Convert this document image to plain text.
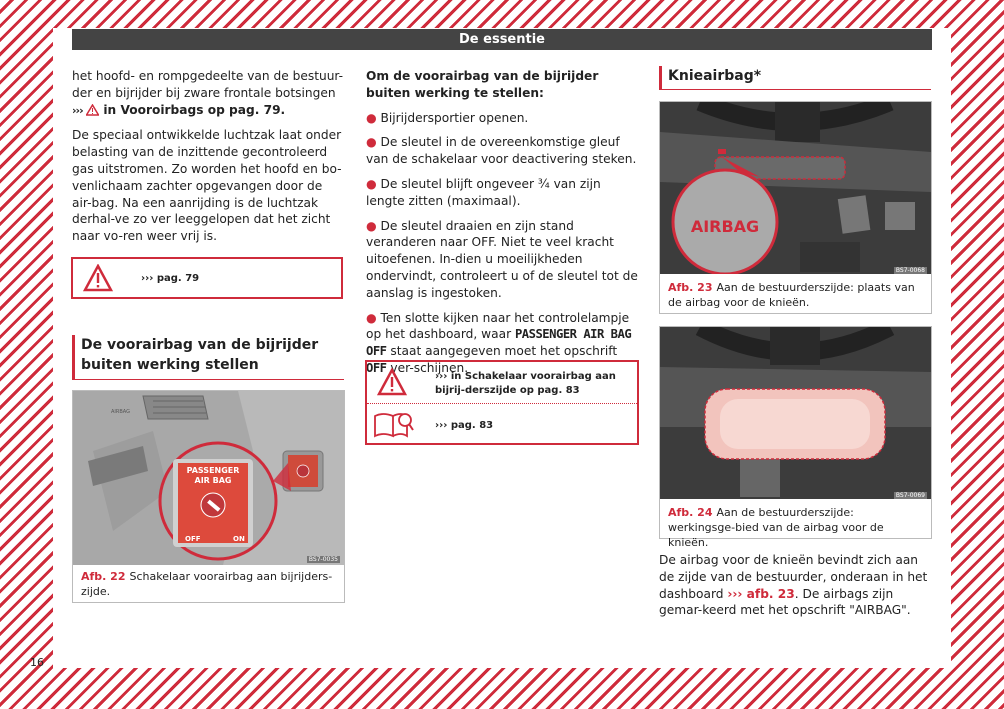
De essentie

het hoofd- en rompgedeelte van de bestuur-der en bijrijder bij zware frontale botsingen
››› in Vooroirbags op pag. 79.

De speciaal ontwikkelde luchtzak laat onder belasting van de inzittende gecontroleerd gas uitstromen. Zo worden het hoofd en bo-venlichaam zachter opgevangen door de air-bag. Na een aanrijding is de luchtzak derhal-ve zo ver leeggelopen dat het zicht naar vo-ren weer vrij is.

››› pag. 79
De voorairbag van de bijrijder buiten werking stellen
AIRBAG
PASSENGER
AIR BAG
OFF	ON
BS7-0035
Afb. 22 Schakelaar voorairbag aan bijrijders-zijde.

Om de voorairbag van de bijrijder buiten werking te stellen:

● Bijrijdersportier openen.

● De sleutel in de overeenkomstige gleuf van de schakelaar voor deactivering steken.

● De sleutel blijft ongeveer ¾ van zijn lengte zitten (maximaal).

● De sleutel draaien en zijn stand veranderen naar OFF. Niet te veel kracht uitoefenen. In-dien u moeilijkheden ondervindt, controleert u of de sleutel tot de aanslag is ingestoken.

● Ten slotte kijken naar het controlelampje op het dashboard, waar PASSENGER AIR BAG OFF staat aangegeven moet het opschrift OFF ver-schijnen.

››› in Schakelaar voorairbag aan bijrij-derszijde op pag. 83
››› pag. 83
Knieairbag*
AIRBAG
BS7-0068
Afb. 23 Aan de bestuurderszijde: plaats van de airbag voor de knieën.
BS7-0069
Afb. 24 Aan de bestuurderszijde: werkingsge-bied van de airbag voor de knieën.
De airbag voor de knieën bevindt zich aan de zijde van de bestuurder, onderaan in het dashboard ››› afb. 23. De airbags zijn gemar-keerd met het opschrift "AIRBAG".
16
